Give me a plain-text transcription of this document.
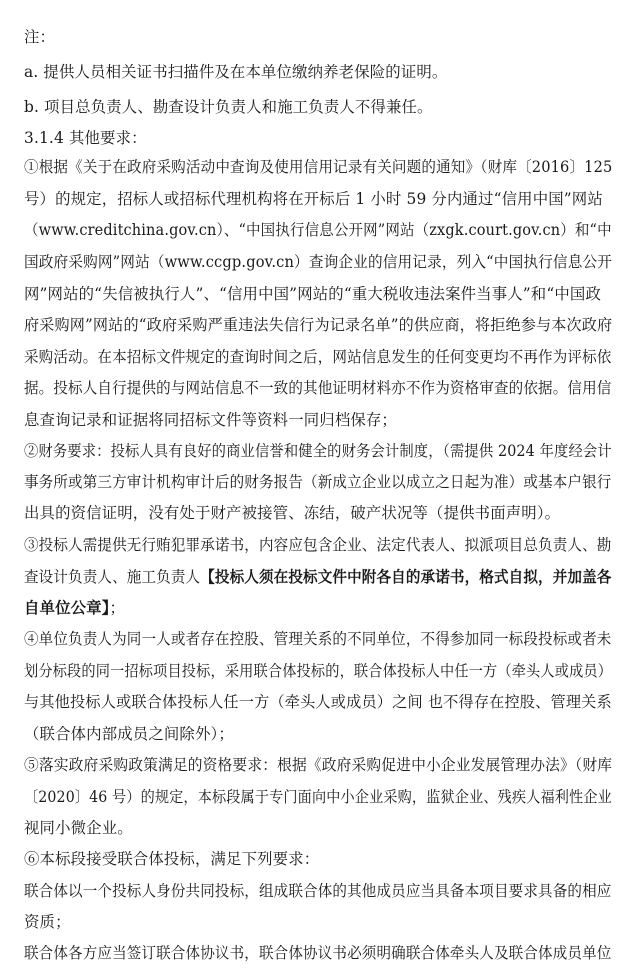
注：
a. 提供人员相关证书扫描件及在本单位缴纳养老保险的证明。
b. 项目总负责人、勘查设计负责人和施工负责人不得兼任。
3.1.4 其他要求：
①根据《关于在政府采购活动中查询及使用信用记录有关问题的通知》（财库〔2016〕125
号）的规定，招标人或招标代理机构将在开标后 1 小时 59 分内通过“信用中国”网站
（www.creditchina.gov.cn）、“中国执行信息公开网”网站（zxgk.court.gov.cn）和“中
国政府采购网”网站（www.ccgp.gov.cn）查询企业的信用记录，列入“中国执行信息公开
网”网站的“失信被执行人”、“信用中国”网站的“重大税收违法案件当事人”和“中国政
府采购网”网站的“政府采购严重违法失信行为记录名单”的供应商，将拒绝参与本次政府
采购活动。在本招标文件规定的查询时间之后，网站信息发生的任何变更均不再作为评标依
据。投标人自行提供的与网站信息不一致的其他证明材料亦不作为资格审查的依据。信用信
息查询记录和证据将同招标文件等资料一同归档保存；
②财务要求：投标人具有良好的商业信誉和健全的财务会计制度，（需提供 2024 年度经会计
事务所或第三方审计机构审计后的财务报告（新成立企业以成立之日起为准）或基本户银行
出具的资信证明，没有处于财产被接管、冻结，破产状况等（提供书面声明）。
③投标人需提供无行贿犯罪承诺书，内容应包含企业、法定代表人、拟派项目总负责人、勘
查设计负责人、施工负责人【投标人须在投标文件中附各自的承诺书，格式自拟，并加盖各
自单位公章】；
④单位负责人为同一人或者存在控股、管理关系的不同单位，不得参加同一标段投标或者未
划分标段的同一招标项目投标，采用联合体投标的，联合体投标人中任一方（牵头人或成员）
与其他投标人或联合体投标人任一方（牵头人或成员）之间 也不得存在控股、管理关系
（联合体内部成员之间除外）；
⑤落实政府采购政策满足的资格要求：根据《政府采购促进中小企业发展管理办法》（财库
〔2020〕46 号）的规定，本标段属于专门面向中小企业采购，监狱企业、残疾人福利性企业
视同小微企业。
⑥本标段接受联合体投标，满足下列要求：
联合体以一个投标人身份共同投标，组成联合体的其他成员应当具备本项目要求具备的相应
资质；
联合体各方应当签订联合体协议书，联合体协议书必须明确联合体牵头人及联合体成员单位
